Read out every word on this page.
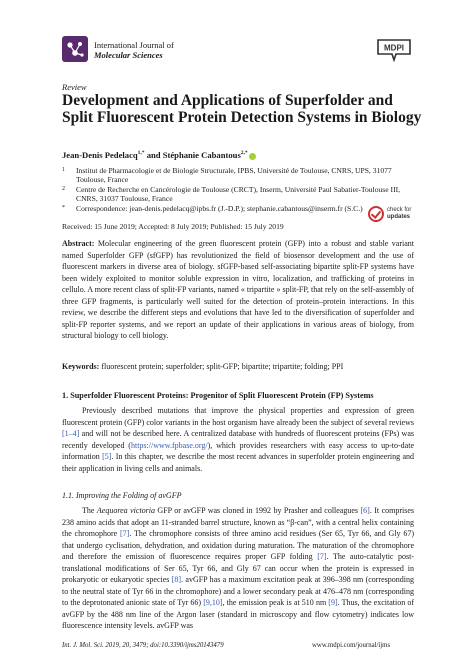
International Journal of
Molecular Sciences
MDPI
Review
Development and Applications of Superfolder and Split Fluorescent Protein Detection Systems in Biology
Jean-Denis Pedelacq$^{1,*}$ and Stéphanie Cabantous$^{2,*}$
1	Institut de Pharmacologie et de Biologie Structurale, IPBS, Université de Toulouse, CNRS, UPS, 31077 Toulouse, France
2	Centre de Recherche en Cancérologie de Toulouse (CRCT), Inserm, Université Paul Sabatier-Toulouse III, CNRS, 31037 Toulouse, France
*	Correspondence: jean-denis.pedelacq@ipbs.fr (J.-D.P.); stephanie.cabantous@inserm.fr (S.C.)	check for
updates
Received: 15 June 2019; Accepted: 8 July 2019; Published: 15 July 2019
Abstract: Molecular engineering of the green fluorescent protein (GFP) into a robust and stable variant named Superfolder GFP (sfGFP) has revolutionized the field of biosensor development and the use of fluorescent markers in diverse area of biology. sfGFP-based self-associating bipartite split-FP systems have been widely exploited to monitor soluble expression in vitro, localization, and trafficking of proteins in cellulo. A more recent class of split-FP variants, named « tripartite » split-FP, that rely on the self-assembly of three GFP fragments, is particularly well suited for the detection of protein–protein interactions. In this review, we describe the different steps and evolutions that have led to the diversification of superfolder and split-FP reporter systems, and we report an update of their applications in various areas of biology, from structural biology to cell biology.
Keywords: fluorescent protein; superfolder; split-GFP; bipartite; tripartite; folding; PPI
1. Superfolder Fluorescent Proteins: Progenitor of Split Fluorescent Protein (FP) Systems
Previously described mutations that improve the physical properties and expression of green fluorescent protein (GFP) color variants in the host organism have already been the subject of several reviews [1–4] and will not be described here. A centralized database with hundreds of fluorescent proteins (FPs) was recently developed (https://www.fpbase.org/), which provides researchers with easy access to up-to-date information [5]. In this chapter, we describe the most recent advances in superfolder protein engineering and their application in living cells and animals.
1.1. Improving the Folding of avGFP
The Aequorea victoria GFP or avGFP was cloned in 1992 by Prasher and colleagues [6]. It comprises 238 amino acids that adopt an 11-stranded barrel structure, known as “β-can”, with a central helix containing the chromophore [7]. The chromophore consists of three amino acid residues (Ser 65, Tyr 66, and Gly 67) that undergo cyclisation, dehydration, and oxidation during maturation. The maturation of the chromophore and therefore the emission of fluorescence requires proper GFP folding [7]. The auto-catalytic post-translational modifications of Ser 65, Tyr 66, and Gly 67 can occur when the protein is expressed in prokaryotic or eukaryotic species [8]. avGFP has a maximum excitation peak at 396–398 nm (corresponding to the neutral state of Tyr 66 in the chromophore) and a lower secondary peak at 476–478 nm (corresponding to the deprotonated anionic state of Tyr 66) [9,10], the emission peak is at 510 nm [9]. Thus, the excitation of avGFP by the 488 nm line of the Argon laser (standard in microscopy and flow cytometry) indicates low fluorescence intensity levels. avGFP was
Int. J. Mol. Sci. 2019, 20, 3479; doi:10.3390/ijms20143479	www.mdpi.com/journal/ijms
